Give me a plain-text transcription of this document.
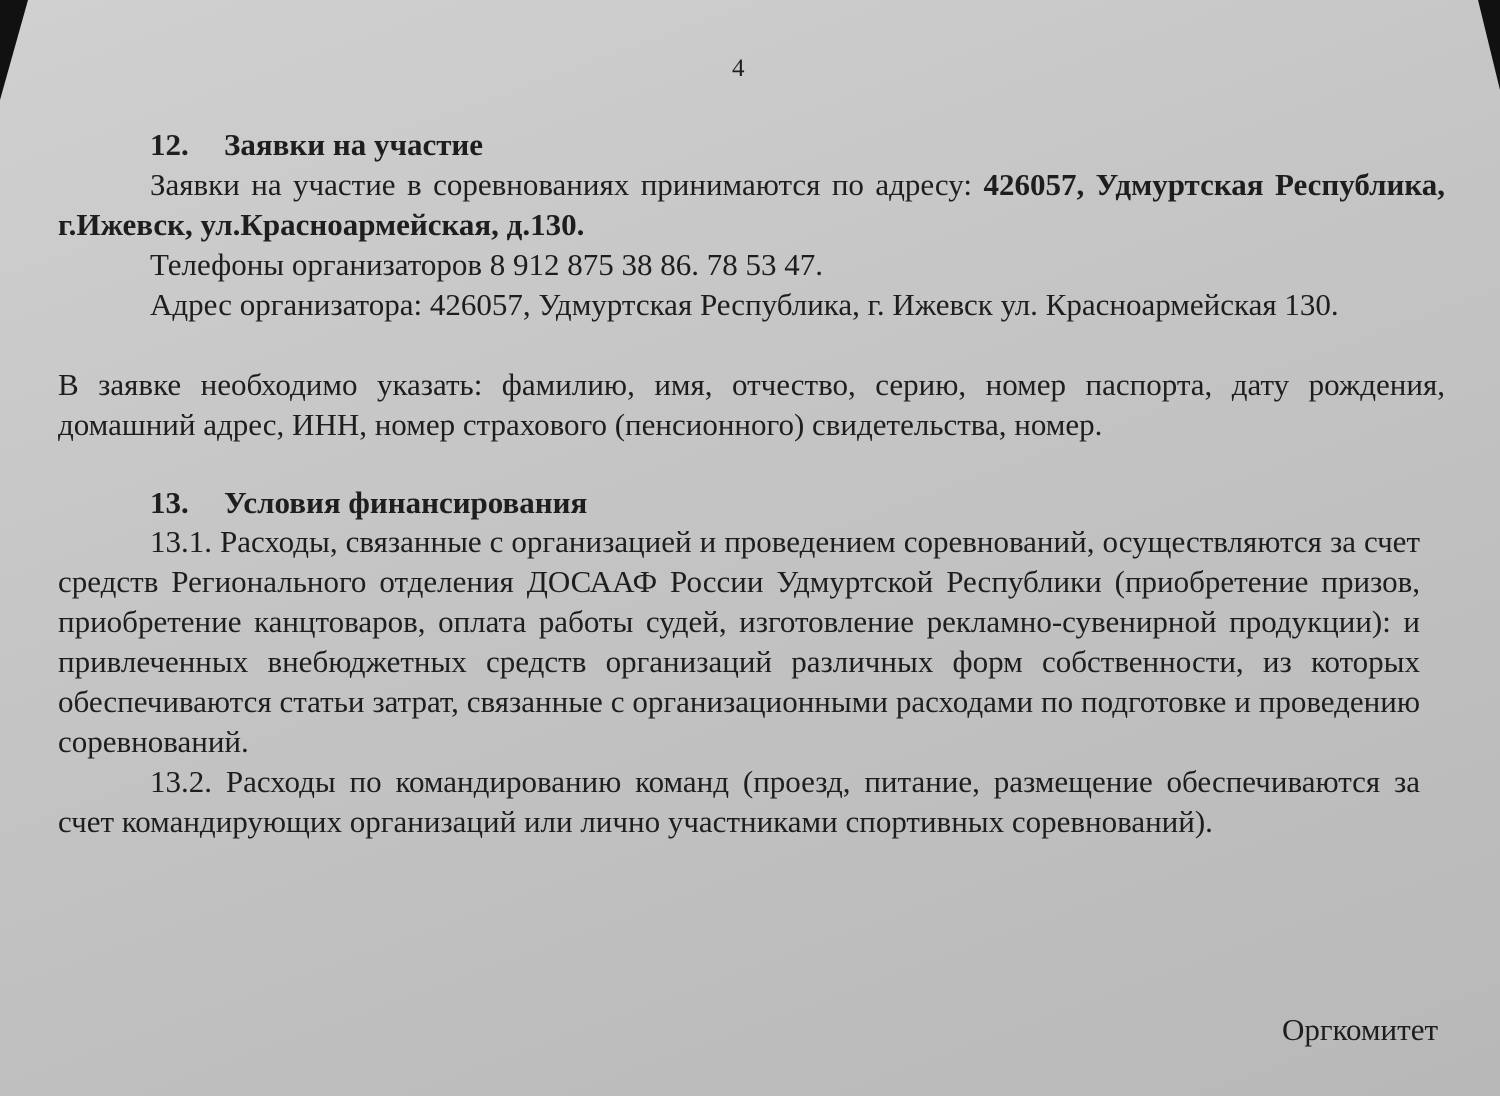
4
12. Заявки на участие
Заявки на участие в соревнованиях принимаются по адресу: 426057, Удмуртская Республика, г.Ижевск, ул.Красноармейская, д.130.
Телефоны организаторов 8 912 875 38 86. 78 53 47.
Адрес организатора: 426057, Удмуртская Республика, г. Ижевск ул. Красноармейская 130.
В заявке необходимо указать: фамилию, имя, отчество, серию, номер паспорта, дату рождения, домашний адрес, ИНН, номер страхового (пенсионного) свидетельства, номер.
13. Условия финансирования
13.1. Расходы, связанные с организацией и проведением соревнований, осуществляются за счет средств Регионального отделения ДОСААФ России Удмуртской Республики (приобретение призов, приобретение канцтоваров, оплата работы судей, изготовление рекламно-сувенирной продукции): и привлеченных внебюджетных средств организаций различных форм собственности, из которых обеспечиваются статьи затрат, связанные с организационными расходами по подготовке и проведению соревнований.
13.2. Расходы по командированию команд (проезд, питание, размещение обеспечиваются за счет командирующих организаций или лично участниками спортивных соревнований).
Оргкомитет
